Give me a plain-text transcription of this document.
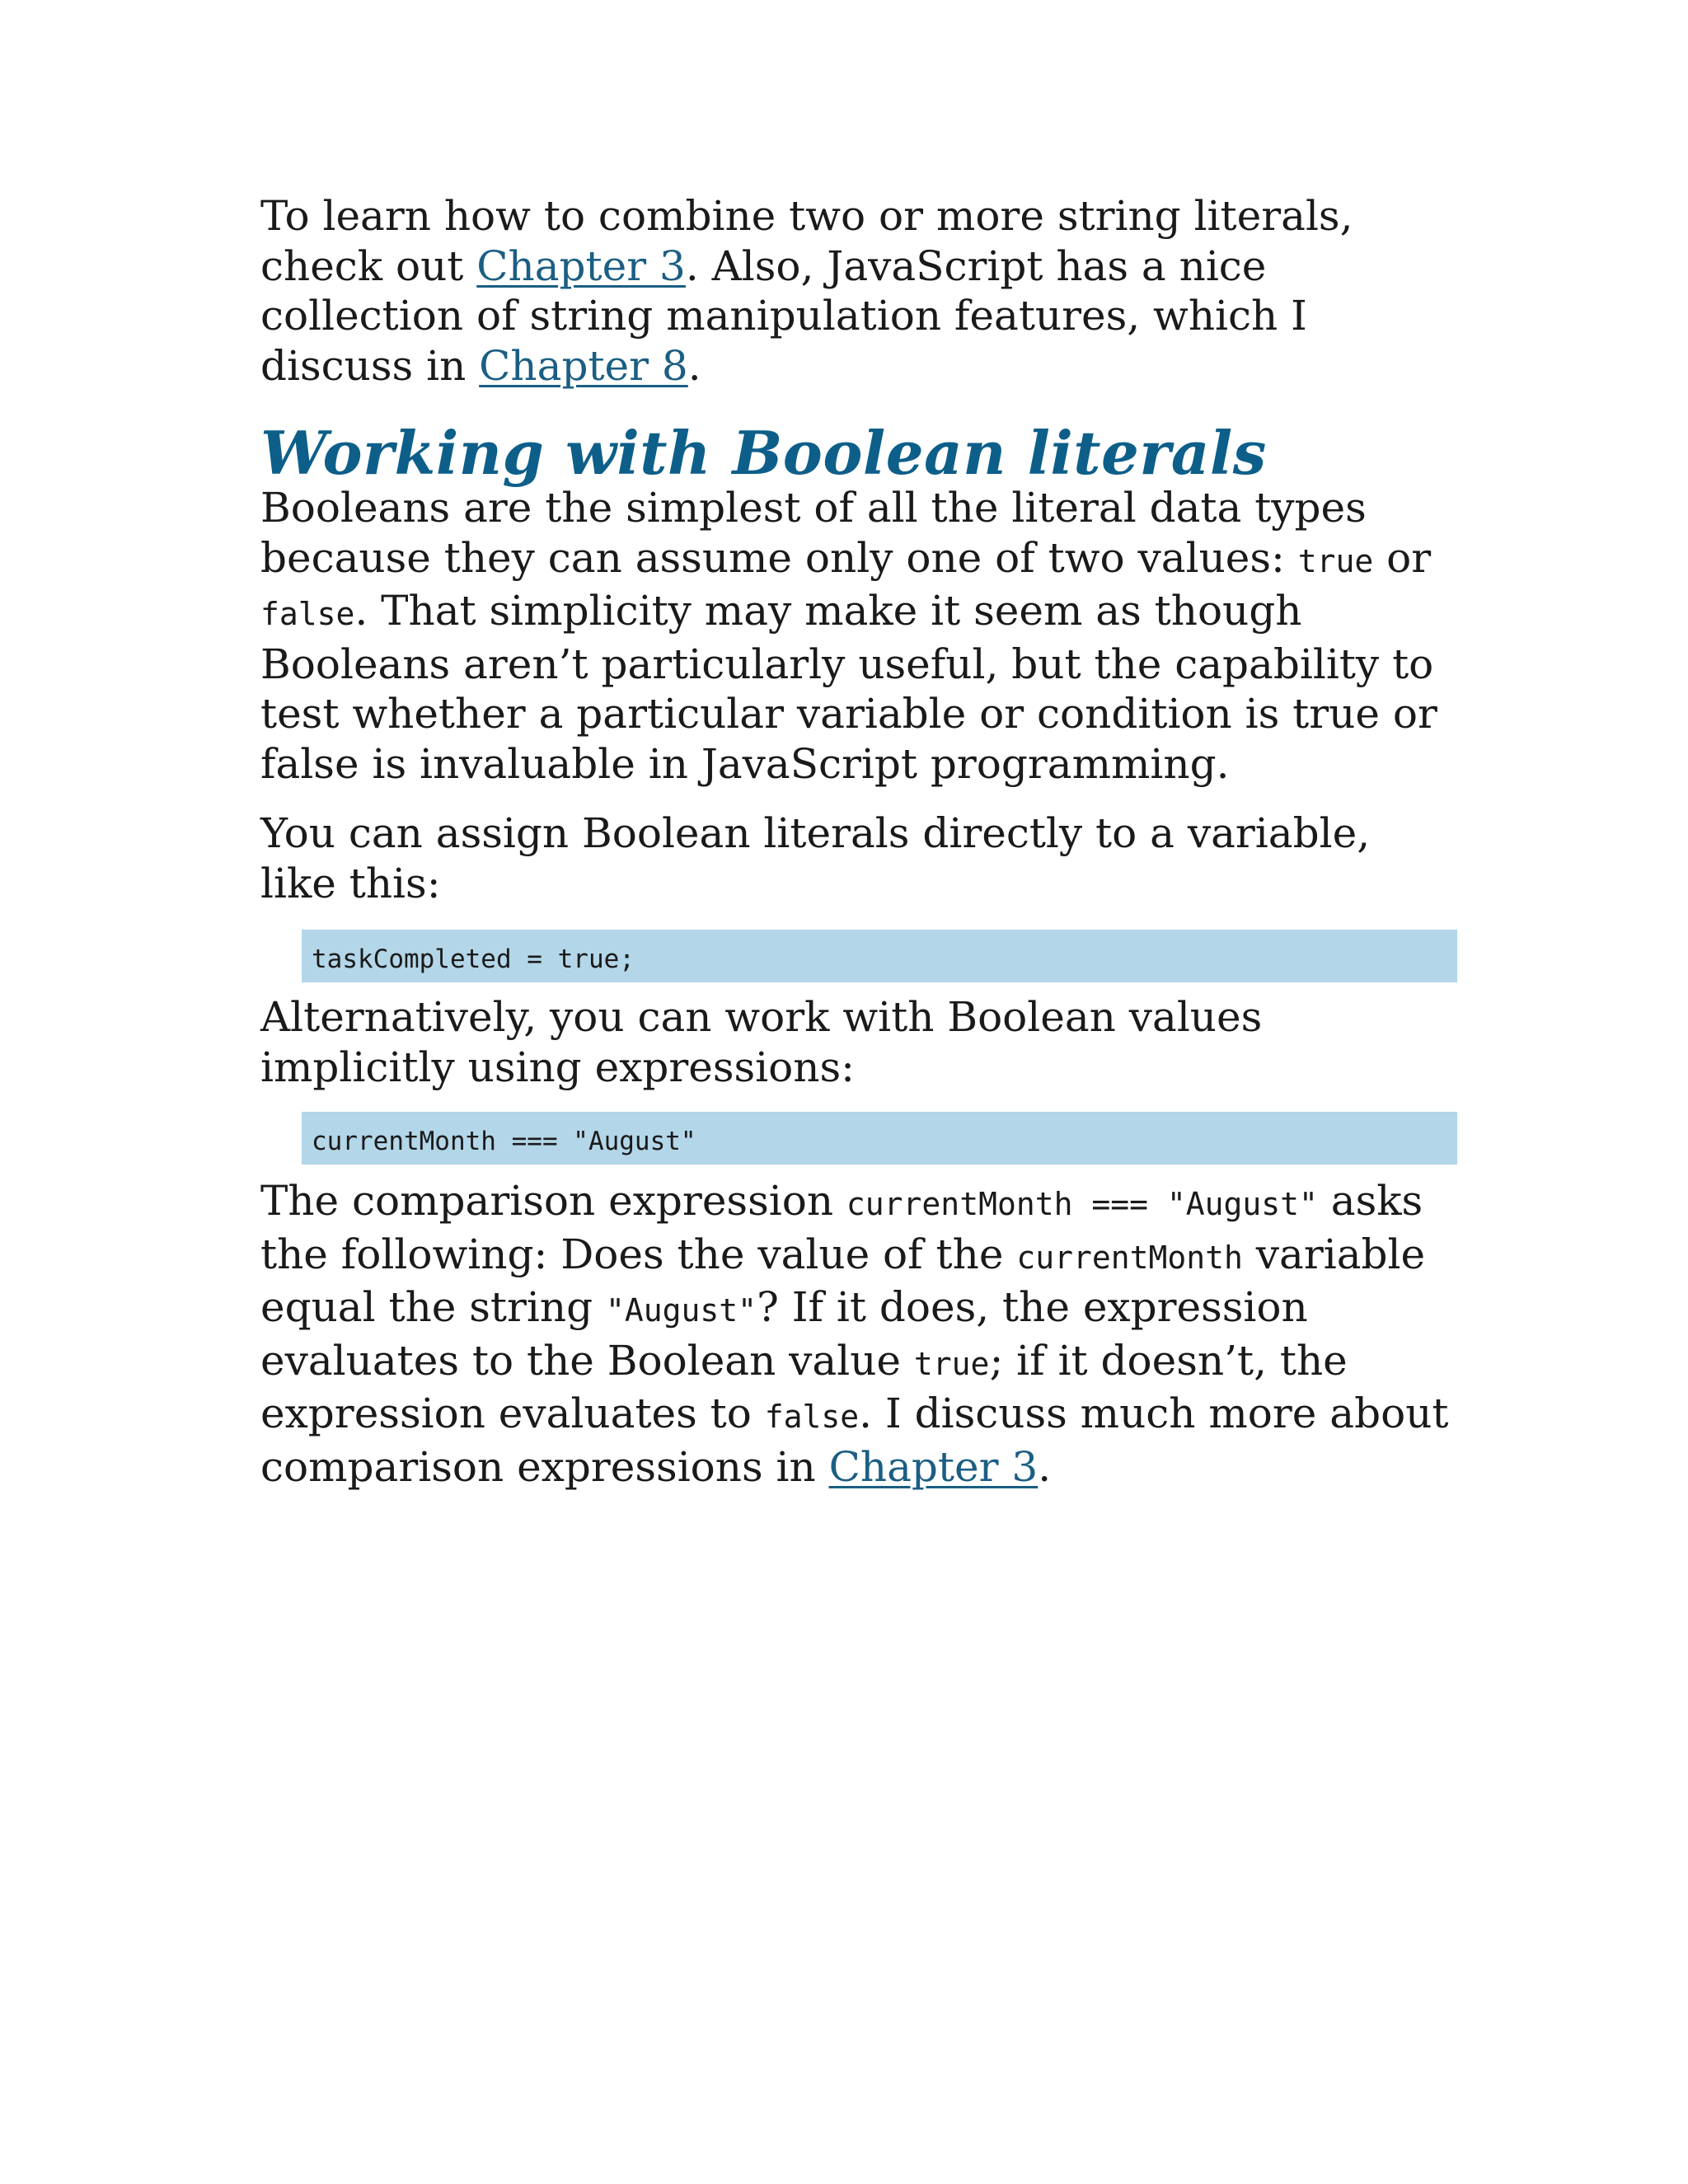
To learn how to combine two or more string literals, check out Chapter 3. Also, JavaScript has a nice collection of string manipulation features, which I discuss in Chapter 8.

Working with Boolean literals

Booleans are the simplest of all the literal data types because they can assume only one of two values: true or false. That simplicity may make it seem as though Booleans aren’t particularly useful, but the capability to test whether a particular variable or condition is true or false is invaluable in JavaScript programming.

You can assign Boolean literals directly to a variable, like this:

taskCompleted = true;

Alternatively, you can work with Boolean values implicitly using expressions:

currentMonth === "August"

The comparison expression currentMonth === "August" asks the following: Does the value of the currentMonth variable equal the string "August"? If it does, the expression evaluates to the Boolean value true; if it doesn’t, the expression evaluates to false. I discuss much more about comparison expressions in Chapter 3.
